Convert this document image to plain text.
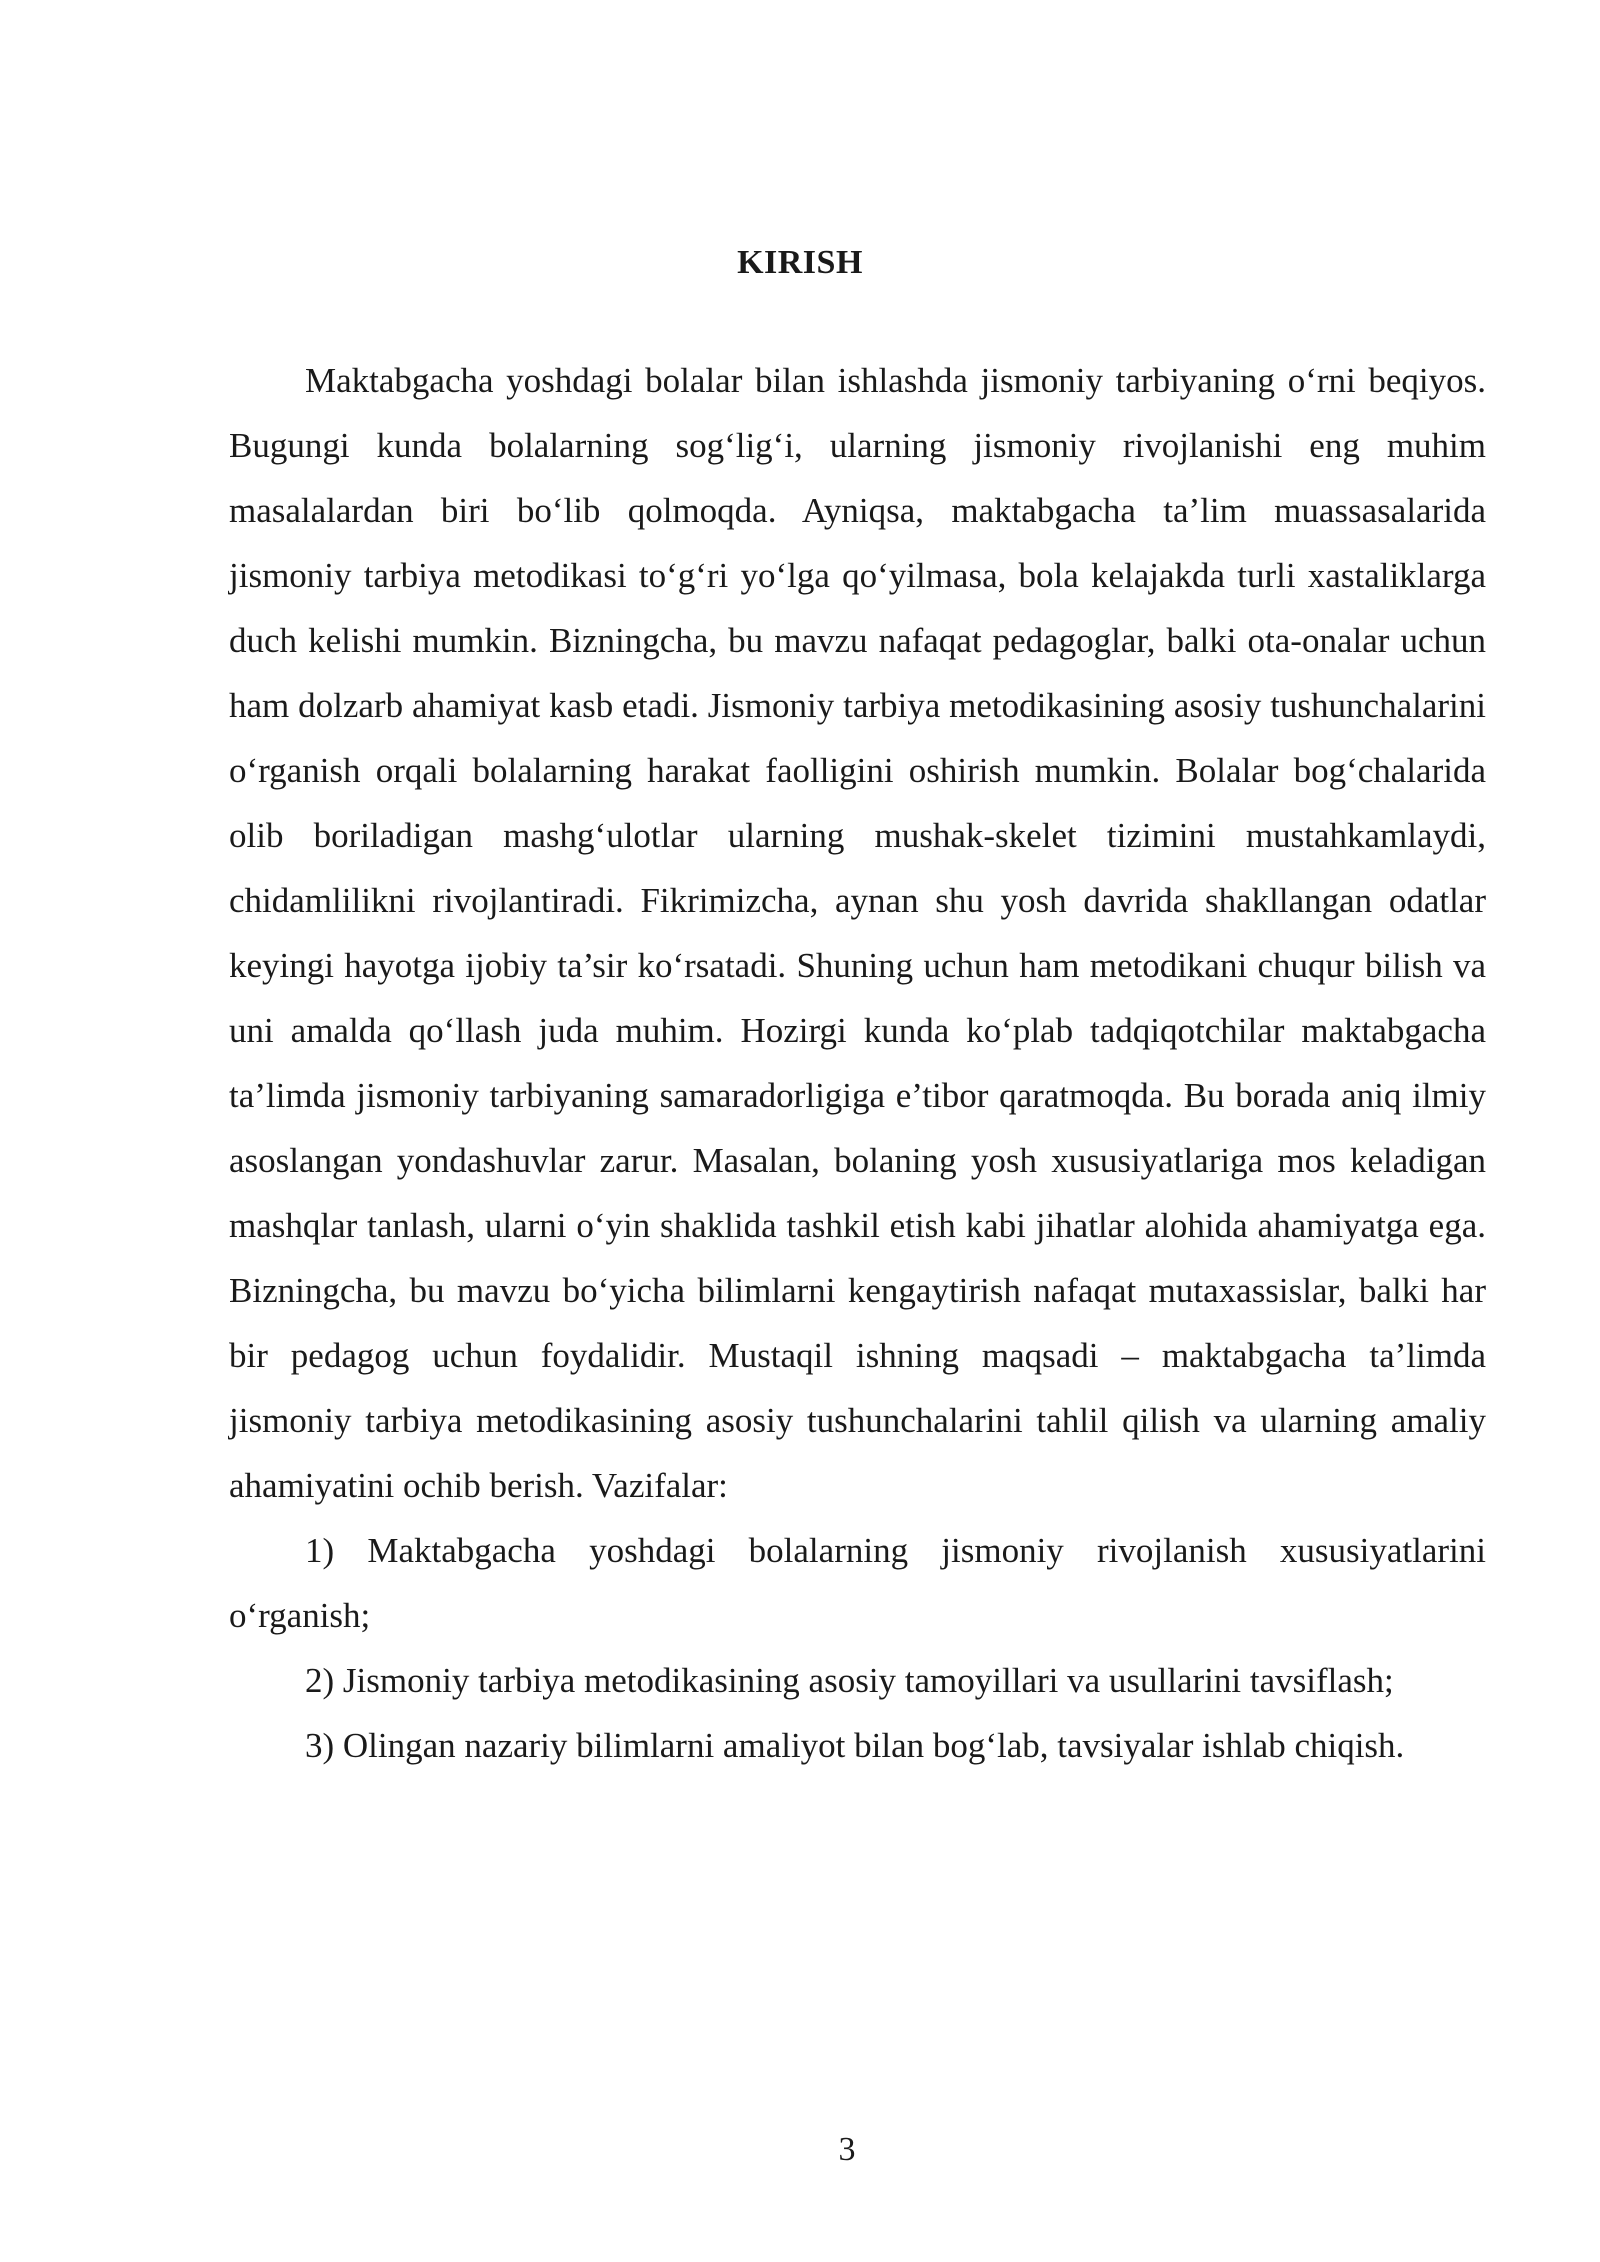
KIRISH

Maktabgacha yoshdagi bolalar bilan ishlashda jismoniy tarbiyaning o‘rni beqiyos. Bugungi kunda bolalarning sog‘lig‘i, ularning jismoniy rivojlanishi eng muhim masalalardan biri bo‘lib qolmoqda. Ayniqsa, maktabgacha ta’lim muassasalarida jismoniy tarbiya metodikasi to‘g‘ri yo‘lga qo‘yilmasa, bola kelajakda turli xastaliklarga duch kelishi mumkin. Bizningcha, bu mavzu nafaqat pedagoglar, balki ota-onalar uchun ham dolzarb ahamiyat kasb etadi. Jismoniy tarbiya metodikasining asosiy tushunchalarini o‘rganish orqali bolalarning harakat faolligini oshirish mumkin. Bolalar bog‘chalarida olib boriladigan mashg‘ulotlar ularning mushak-skelet tizimini mustahkamlaydi, chidamlilikni rivojlantiradi. Fikrimizcha, aynan shu yosh davrida shakllangan odatlar keyingi hayotga ijobiy ta’sir ko‘rsatadi. Shuning uchun ham metodikani chuqur bilish va uni amalda qo‘llash juda muhim. Hozirgi kunda ko‘plab tadqiqotchilar maktabgacha ta’limda jismoniy tarbiyaning samaradorligiga e’tibor qaratmoqda. Bu borada aniq ilmiy asoslangan yondashuvlar zarur. Masalan, bolaning yosh xususiyatlariga mos keladigan mashqlar tanlash, ularni o‘yin shaklida tashkil etish kabi jihatlar alohida ahamiyatga ega. Bizningcha, bu mavzu bo‘yicha bilimlarni kengaytirish nafaqat mutaxassislar, balki har bir pedagog uchun foydalidir. Mustaqil ishning maqsadi – maktabgacha ta’limda jismoniy tarbiya metodikasining asosiy tushunchalarini tahlil qilish va ularning amaliy ahamiyatini ochib berish. Vazifalar:

1) Maktabgacha yoshdagi bolalarning jismoniy rivojlanish xususiyatlarini o‘rganish;

2) Jismoniy tarbiya metodikasining asosiy tamoyillari va usullarini tavsiflash;

3) Olingan nazariy bilimlarni amaliyot bilan bog‘lab, tavsiyalar ishlab chiqish.

3
